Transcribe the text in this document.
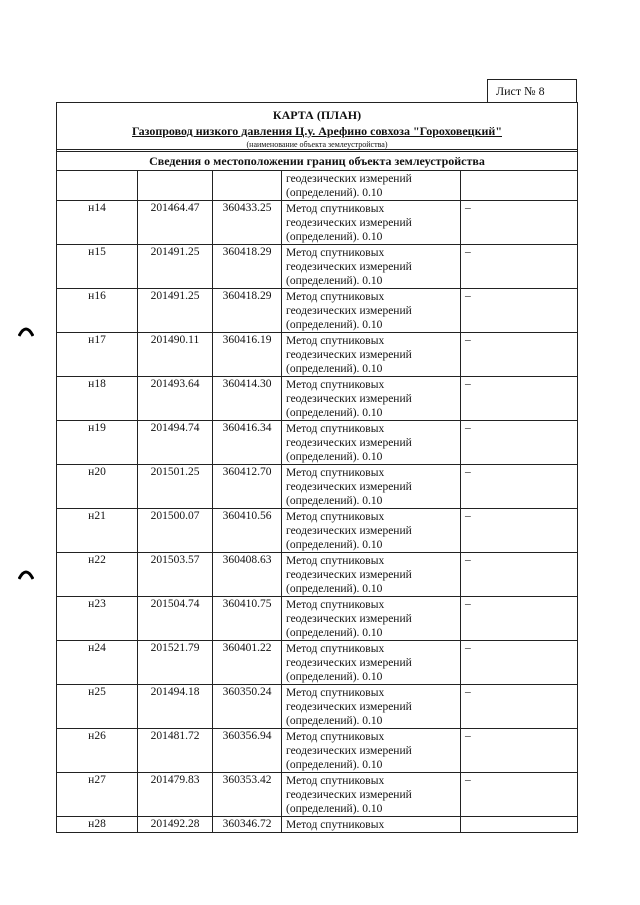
Лист № 8
КАРТА (ПЛАН)
Газопровод низкого давления Ц.у. Арефино совхоза "Гороховецкий"
(наименование объекта землеустройства)
Сведения о местоположении границ объекта землеустройства
			геодезических измерений
(определений). 0.10	
н14	201464.47	360433.25	Метод спутниковых
геодезических измерений
(определений). 0.10	–
н15	201491.25	360418.29	Метод спутниковых
геодезических измерений
(определений). 0.10	–
н16	201491.25	360418.29	Метод спутниковых
геодезических измерений
(определений). 0.10	–
н17	201490.11	360416.19	Метод спутниковых
геодезических измерений
(определений). 0.10	–
н18	201493.64	360414.30	Метод спутниковых
геодезических измерений
(определений). 0.10	–
н19	201494.74	360416.34	Метод спутниковых
геодезических измерений
(определений). 0.10	–
н20	201501.25	360412.70	Метод спутниковых
геодезических измерений
(определений). 0.10	–
н21	201500.07	360410.56	Метод спутниковых
геодезических измерений
(определений). 0.10	–
н22	201503.57	360408.63	Метод спутниковых
геодезических измерений
(определений). 0.10	–
н23	201504.74	360410.75	Метод спутниковых
геодезических измерений
(определений). 0.10	–
н24	201521.79	360401.22	Метод спутниковых
геодезических измерений
(определений). 0.10	–
н25	201494.18	360350.24	Метод спутниковых
геодезических измерений
(определений). 0.10	–
н26	201481.72	360356.94	Метод спутниковых
геодезических измерений
(определений). 0.10	–
н27	201479.83	360353.42	Метод спутниковых
геодезических измерений
(определений). 0.10	–
н28	201492.28	360346.72	Метод спутниковых	
